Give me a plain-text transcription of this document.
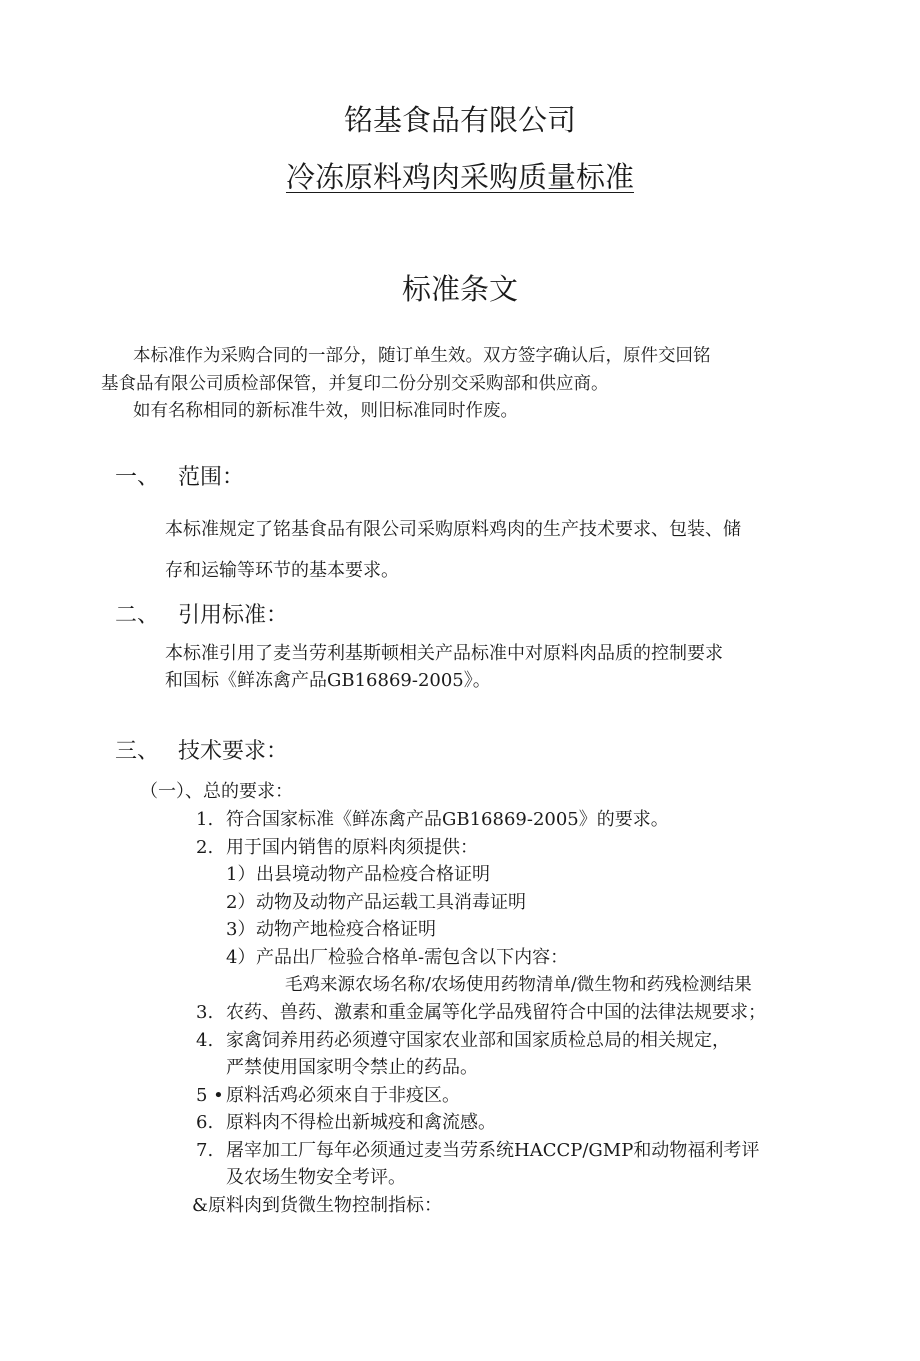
铭基食品有限公司
冷冻原料鸡肉采购质量标准
标准条文
本标准作为采购合同的一部分，随订单生效。双方签字确认后，原件交回铭
基食品有限公司质检部保管，并复印二份分别交采购部和供应商。
如有名称相同的新标准牛效，则旧标准同时作废。
一、 范围：
本标准规定了铭基食品有限公司采购原料鸡肉的生产技术要求、包装、储
存和运输等环节的基本要求。
二、 引用标准：
本标准引用了麦当劳利基斯顿相关产品标准中对原料肉品质的控制要求
和国标《鲜冻禽产品GB16869-2005》。
三、 技术要求：
（一）、总的要求：
1. 符合国家标准《鲜冻禽产品GB16869-2005》的要求。
2. 用于国内销售的原料肉须提供：
1）出县境动物产品检疫合格证明
2）动物及动物产品运载工具消毒证明
3）动物产地检疫合格证明
4）产品出厂检验合格单-需包含以下内容：
毛鸡来源农场名称/农场使用药物清单/微生物和药残检测结果
3. 农药、兽药、激素和重金属等化学品残留符合中国的法律法规要求；
4. 家禽饲养用药必须遵守国家农业部和国家质检总局的相关规定，
严禁使用国家明令禁止的药品。
5 • 原料活鸡必须來自于非疫区。
6. 原料肉不得检出新城疫和禽流感。
7. 屠宰加工厂每年必须通过麦当劳系统HACCP/GMP和动物福利考评
及农场生物安全考评。
&原料肉到货微生物控制指标：
